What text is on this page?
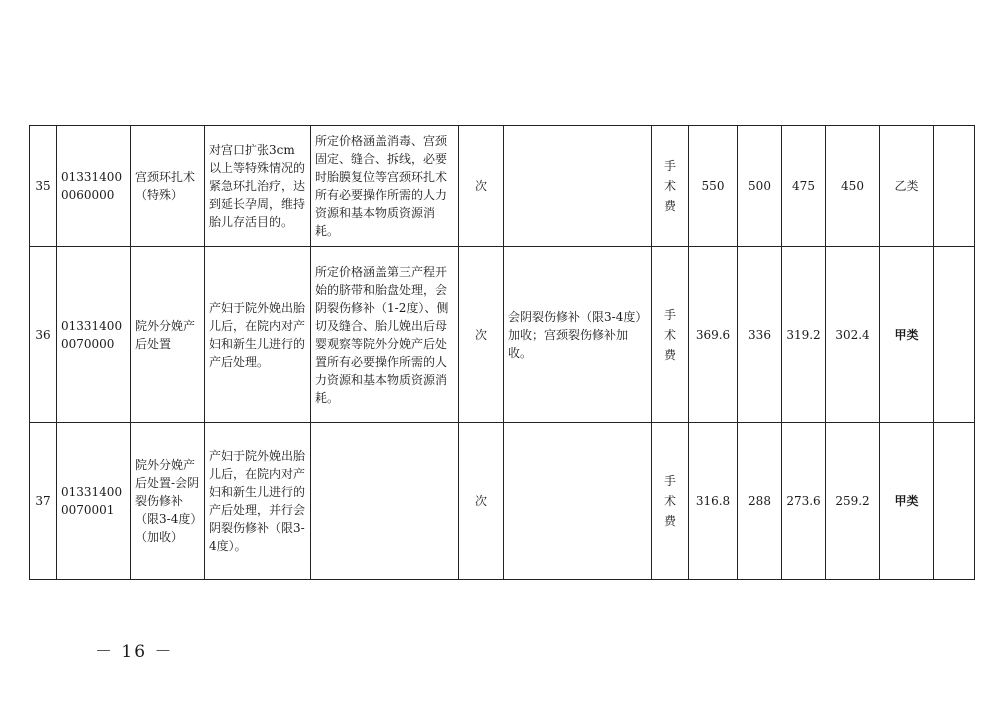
35	013314000060000	宫颈环扎术（特殊）	对宫口扩张3cm以上等特殊情况的紧急环扎治疗，达到延长孕周，维持胎儿存活目的。	所定价格涵盖消毒、宫颈固定、缝合、拆线，必要时胎膜复位等宫颈环扎术所有必要操作所需的人力资源和基本物质资源消耗。	次		手术费	550	500	475	450	乙类	
36	013314000070000	院外分娩产后处置	产妇于院外娩出胎儿后，在院内对产妇和新生儿进行的产后处理。	所定价格涵盖第三产程开始的脐带和胎盘处理，会阴裂伤修补（1-2度）、侧切及缝合、胎儿娩出后母婴观察等院外分娩产后处置所有必要操作所需的人力资源和基本物质资源消耗。	次	会阴裂伤修补（限3-4度）加收；宫颈裂伤修补加收。	手术费	369.6	336	319.2	302.4	甲类	
37	013314000070001	院外分娩产后处置-会阴裂伤修补（限3-4度）（加收）	产妇于院外娩出胎儿后，在院内对产妇和新生儿进行的产后处理，并行会阴裂伤修补（限3-4度）。		次		手术费	316.8	288	273.6	259.2	甲类	
－ 16 －
